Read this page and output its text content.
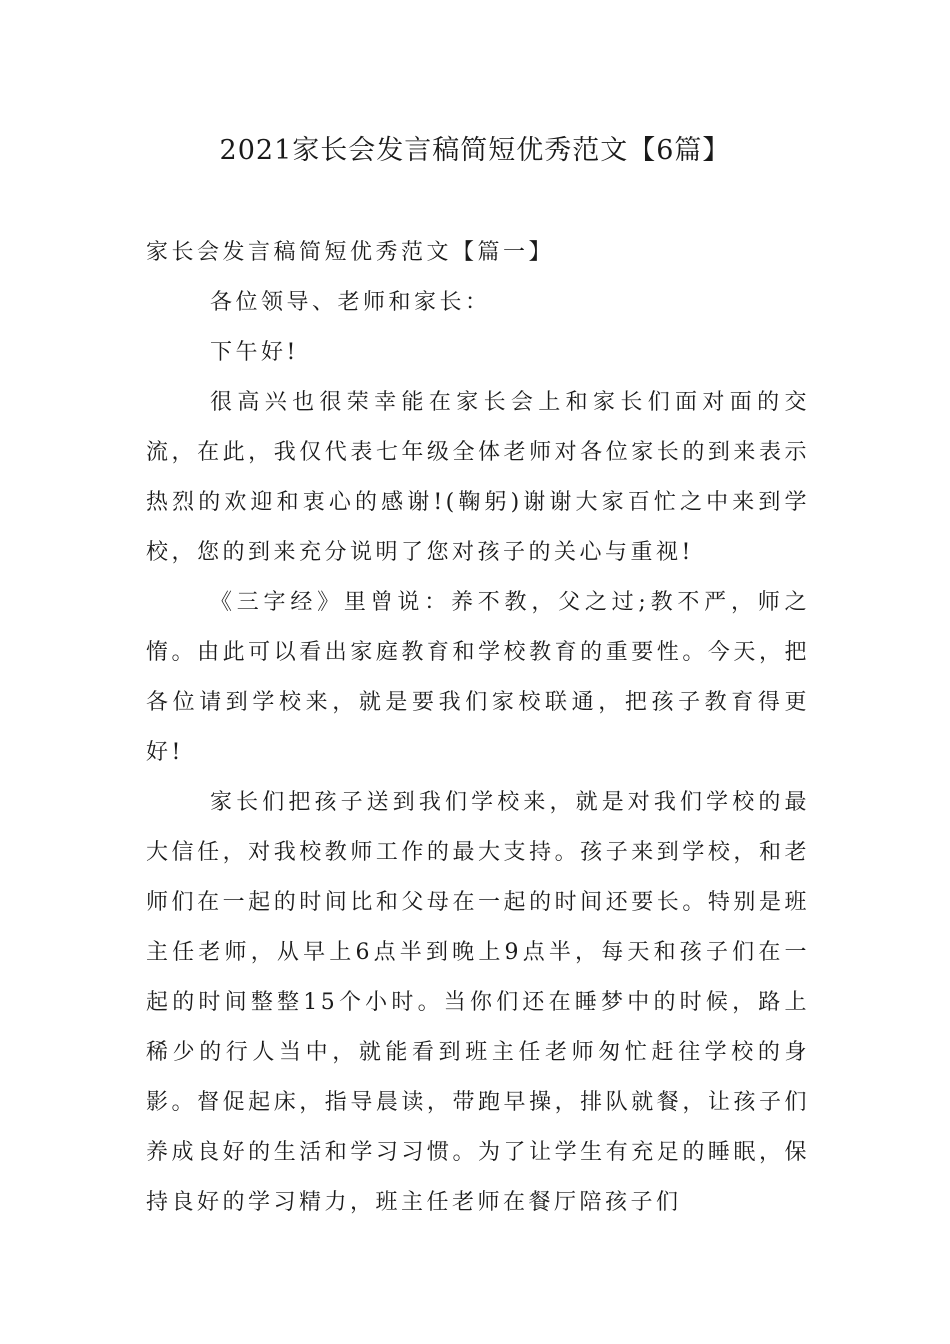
2021家长会发言稿简短优秀范文【6篇】

家长会发言稿简短优秀范文【篇一】

各位领导、老师和家长：

下午好!

很高兴也很荣幸能在家长会上和家长们面对面的交流，在此，我仅代表七年级全体老师对各位家长的到来表示热烈的欢迎和衷心的感谢!(鞠躬)谢谢大家百忙之中来到学校，您的到来充分说明了您对孩子的关心与重视!

《三字经》里曾说：养不教，父之过;教不严，师之惰。由此可以看出家庭教育和学校教育的重要性。今天，把各位请到学校来，就是要我们家校联通，把孩子教育得更好!

家长们把孩子送到我们学校来，就是对我们学校的最大信任，对我校教师工作的最大支持。孩子来到学校，和老师们在一起的时间比和父母在一起的时间还要长。特别是班主任老师，从早上6点半到晚上9点半，每天和孩子们在一起的时间整整15个小时。当你们还在睡梦中的时候，路上稀少的行人当中，就能看到班主任老师匆忙赶往学校的身影。督促起床，指导晨读，带跑早操，排队就餐，让孩子们养成良好的生活和学习习惯。为了让学生有充足的睡眠，保持良好的学习精力，班主任老师在餐厅陪孩子们
